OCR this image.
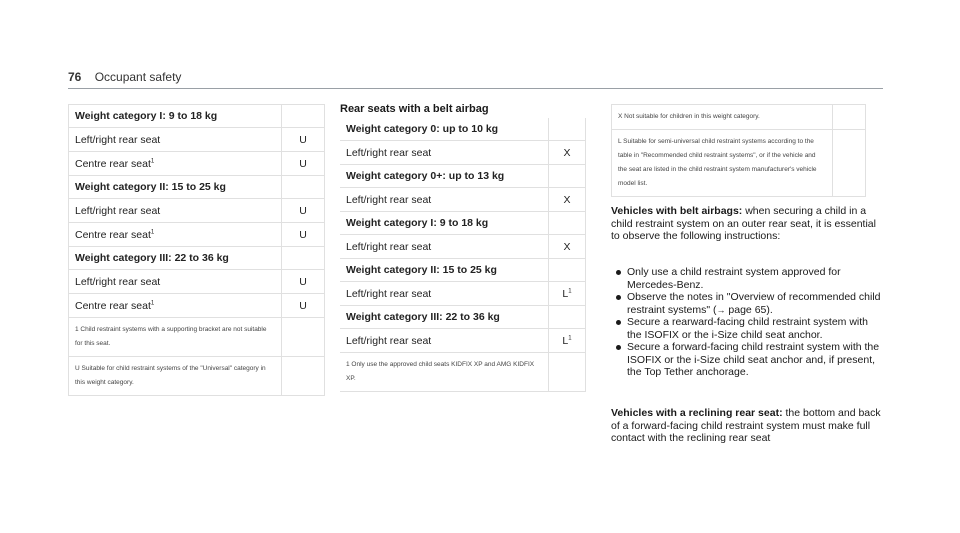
76 Occupant safety
Weight category I: 9 to 18 kg	
Left/right rear seat	U
Centre rear seat$^1$	U
Weight category II: 15 to 25 kg	
Left/right rear seat	U
Centre rear seat$^1$	U
Weight category III: 22 to 36 kg	
Left/right rear seat	U
Centre rear seat$^1$	U
1 Child restraint systems with a supporting bracket are not suitable for this seat.	
U Suitable for child restraint systems of the "Universal" category in this weight category.	
Rear seats with a belt airbag
Weight category 0: up to 10 kg	
Left/right rear seat	X
Weight category 0+: up to 13 kg	
Left/right rear seat	X
Weight category I: 9 to 18 kg	
Left/right rear seat	X
Weight category II: 15 to 25 kg	
Left/right rear seat	$L^1$
Weight category III: 22 to 36 kg	
Left/right rear seat	$L^1$
1 Only use the approved child seats KIDFIX XP and AMG KIDFIX XP.	
X Not suitable for children in this weight category.	
L Suitable for semi-universal child restraint systems according to the table in "Recommended child restraint systems", or if the vehicle and the seat are listed in the child restraint system manufacturer's vehicle model list.	
Vehicles with belt airbags: when securing a child in a child restraint system on an outer rear seat, it is essential to observe the following instructions:
Only use a child restraint system approved for Mercedes-Benz.
Observe the notes in "Overview of recommended child restraint systems" (→ page 65).
Secure a rearward-facing child restraint system with the ISOFIX or the i-Size child seat anchor.
Secure a forward-facing child restraint system with the ISOFIX or the i-Size child seat anchor and, if present, the Top Tether anchorage.
Vehicles with a reclining rear seat: the bottom and back of a forward-facing child restraint system must make full contact with the reclining rear seat
